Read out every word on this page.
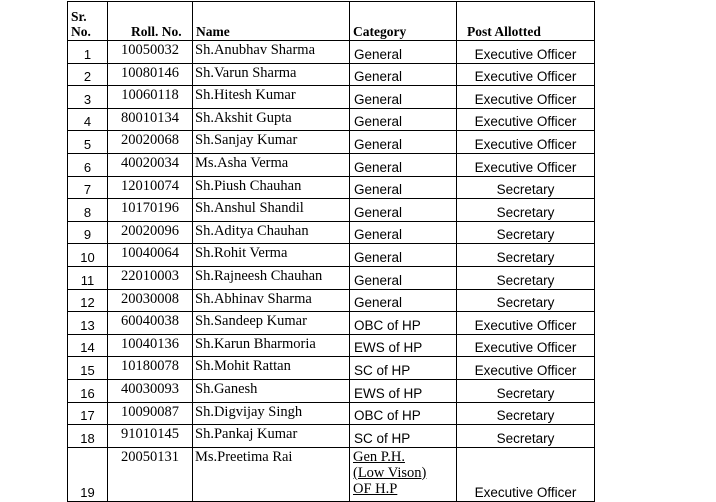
Sr.
No.	Roll. No.	Name	Category	Post Allotted
1	10050032	Sh.Anubhav Sharma	General	Executive Officer
2	10080146	Sh.Varun Sharma	General	Executive Officer
3	10060118	Sh.Hitesh Kumar	General	Executive Officer
4	80010134	Sh.Akshit Gupta	General	Executive Officer
5	20020068	Sh.Sanjay Kumar	General	Executive Officer
6	40020034	Ms.Asha Verma	General	Executive Officer
7	12010074	Sh.Piush Chauhan	General	Secretary
8	10170196	Sh.Anshul Shandil	General	Secretary
9	20020096	Sh.Aditya Chauhan	General	Secretary
10	10040064	Sh.Rohit Verma	General	Secretary
11	22010003	Sh.Rajneesh Chauhan	General	Secretary
12	20030008	Sh.Abhinav Sharma	General	Secretary
13	60040038	Sh.Sandeep Kumar	OBC of HP	Executive Officer
14	10040136	Sh.Karun Bharmoria	EWS of HP	Executive Officer
15	10180078	Sh.Mohit Rattan	SC of HP	Executive Officer
16	40030093	Sh.Ganesh	EWS of HP	Secretary
17	10090087	Sh.Digvijay Singh	OBC of HP	Secretary
18	91010145	Sh.Pankaj Kumar	SC of HP	Secretary
19	20050131	Ms.Preetima Rai	Gen P.H.
(Low Vison)
OF H.P	Executive Officer
